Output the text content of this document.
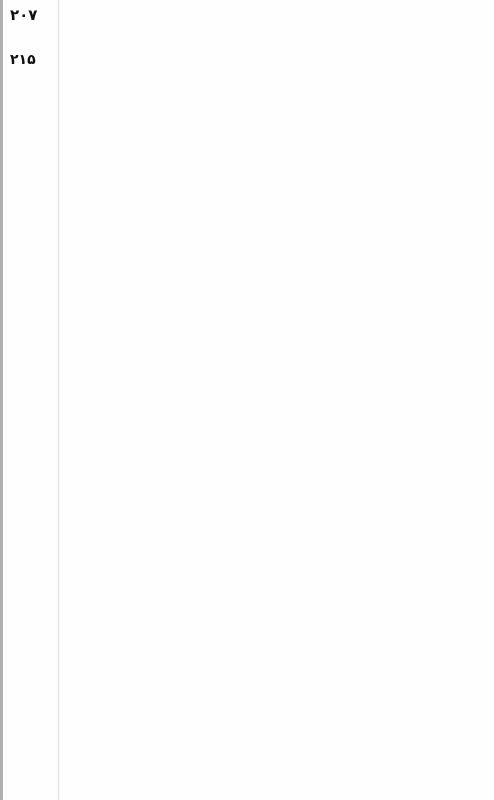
۲۰۷
۲۱۵
